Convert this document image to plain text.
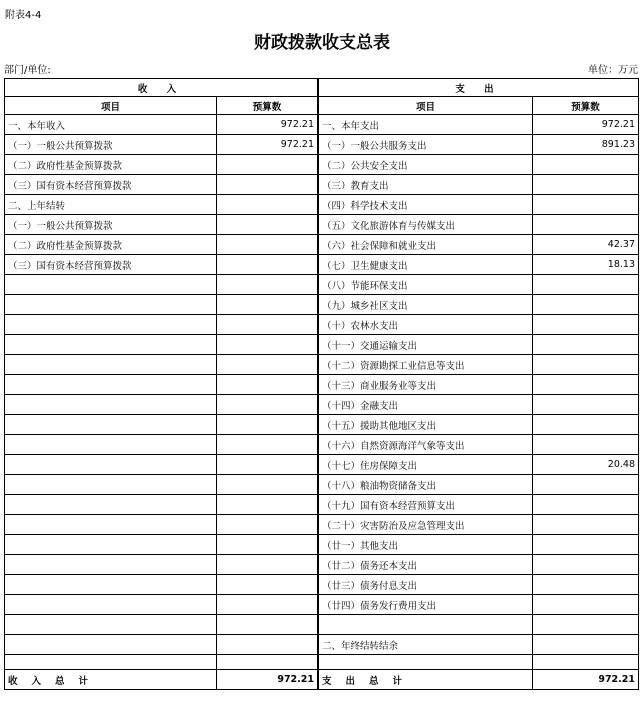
附表4-4
财政拨款收支总表
部门/单位:	单位：万元
收 入		支 出	
项目	预算数		项目	预算数
一、本年收入	972.21		一、本年支出	972.21
（一）一般公共预算拨款	972.21		（一）一般公共服务支出	891.23
（二）政府性基金预算拨款			（二）公共安全支出	
（三）国有资本经营预算拨款			（三）教育支出	
二、上年结转			（四）科学技术支出	
（一）一般公共预算拨款			（五）文化旅游体育与传媒支出	
（二）政府性基金预算拨款			（六）社会保障和就业支出	42.37
（三）国有资本经营预算拨款			（七）卫生健康支出	18.13
			（八）节能环保支出	
			（九）城乡社区支出	
			（十）农林水支出	
			（十一）交通运输支出	
			（十二）资源勘探工业信息等支出	
			（十三）商业服务业等支出	
			（十四）金融支出	
			（十五）援助其他地区支出	
			（十六）自然资源海洋气象等支出	
			（十七）住房保障支出	20.48
			（十八）粮油物资储备支出	
			（十九）国有资本经营预算支出	
			（二十）灾害防治及应急管理支出	
			（廿一）其他支出	
			（廿二）债务还本支出	
			（廿三）债务付息支出	
			（廿四）债务发行费用支出	

			二、年终结转结余	

收入总计	972.21		支出总计	972.21
